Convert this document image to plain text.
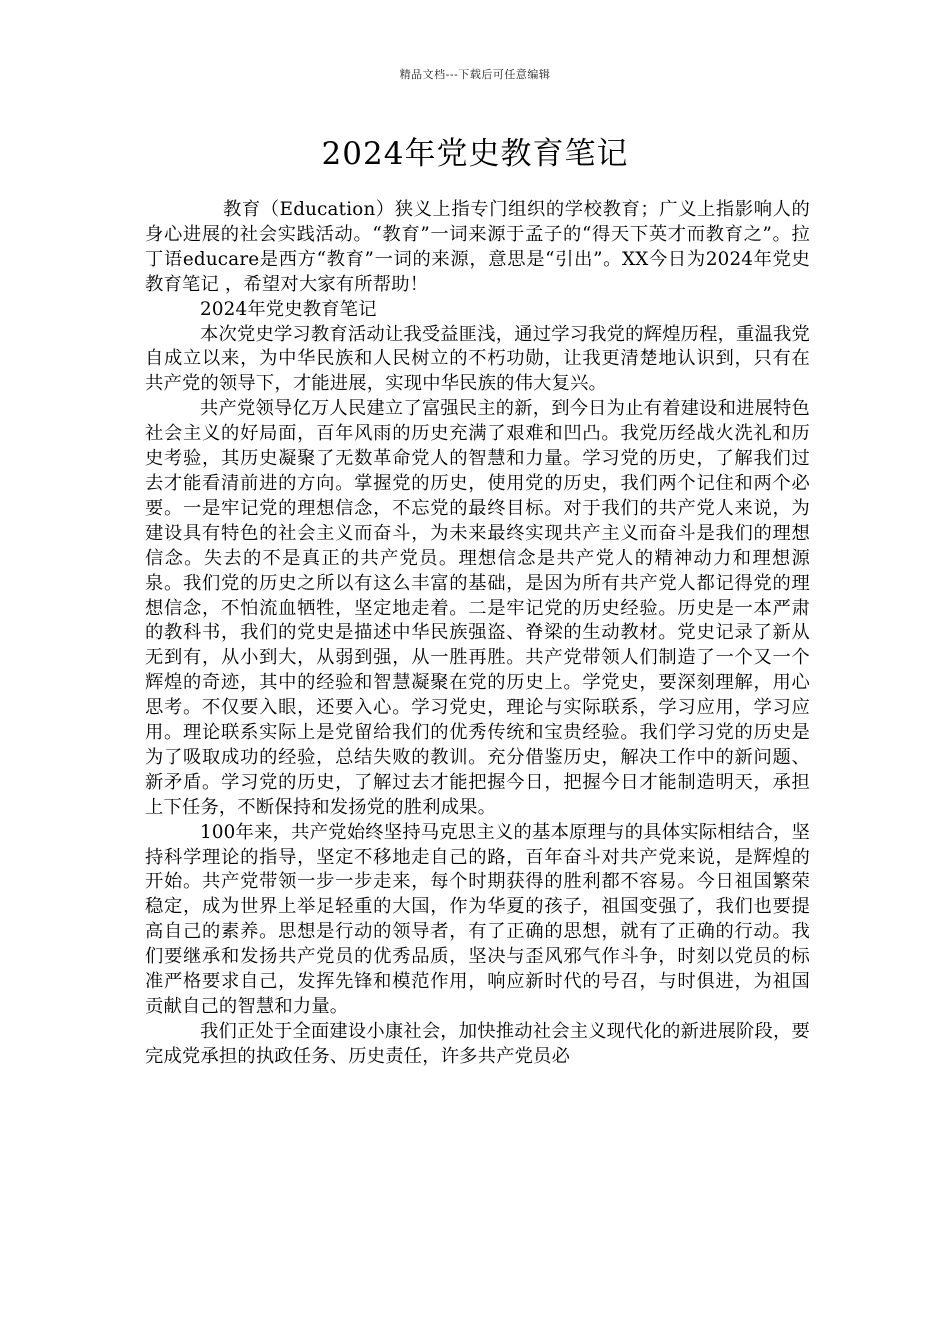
精品文档---下载后可任意编辑
2024年党史教育笔记

教育（Education）狭义上指专门组织的学校教育；广义上指影响人的身心进展的社会实践活动。“教育”一词来源于孟子的“得天下英才而教育之”。拉丁语educare是西方“教育”一词的来源，意思是“引出”。XX今日为2024年党史教育笔记 ，希望对大家有所帮助！

2024年党史教育笔记

本次党史学习教育活动让我受益匪浅，通过学习我党的辉煌历程，重温我党自成立以来，为中华民族和人民树立的不朽功勋，让我更清楚地认识到，只有在共产党的领导下，才能进展，实现中华民族的伟大复兴。

共产党领导亿万人民建立了富强民主的新，到今日为止有着建设和进展特色社会主义的好局面，百年风雨的历史充满了艰难和凹凸。我党历经战火洗礼和历史考验，其历史凝聚了无数革命党人的智慧和力量。学习党的历史，了解我们过去才能看清前进的方向。掌握党的历史，使用党的历史，我们两个记住和两个必要。一是牢记党的理想信念，不忘党的最终目标。对于我们的共产党人来说，为建设具有特色的社会主义而奋斗，为未来最终实现共产主义而奋斗是我们的理想信念。失去的不是真正的共产党员。理想信念是共产党人的精神动力和理想源泉。我们党的历史之所以有这么丰富的基础，是因为所有共产党人都记得党的理想信念，不怕流血牺牲，坚定地走着。二是牢记党的历史经验。历史是一本严肃的教科书，我们的党史是描述中华民族强盗、脊梁的生动教材。党史记录了新从无到有，从小到大，从弱到强，从一胜再胜。共产党带领人们制造了一个又一个辉煌的奇迹，其中的经验和智慧凝聚在党的历史上。学党史，要深刻理解，用心思考。不仅要入眼，还要入心。学习党史，理论与实际联系，学习应用，学习应用。理论联系实际上是党留给我们的优秀传统和宝贵经验。我们学习党的历史是为了吸取成功的经验，总结失败的教训。充分借鉴历史，解决工作中的新问题、新矛盾。学习党的历史，了解过去才能把握今日，把握今日才能制造明天，承担上下任务，不断保持和发扬党的胜利成果。

100年来，共产党始终坚持马克思主义的基本原理与的具体实际相结合，坚持科学理论的指导，坚定不移地走自己的路，百年奋斗对共产党来说，是辉煌的开始。共产党带领一步一步走来，每个时期获得的胜利都不容易。今日祖国繁荣稳定，成为世界上举足轻重的大国，作为华夏的孩子，祖国变强了，我们也要提高自己的素养。思想是行动的领导者，有了正确的思想，就有了正确的行动。我们要继承和发扬共产党员的优秀品质，坚决与歪风邪气作斗争，时刻以党员的标准严格要求自己，发挥先锋和模范作用，响应新时代的号召，与时俱进，为祖国贡献自己的智慧和力量。

我们正处于全面建设小康社会，加快推动社会主义现代化的新进展阶段，要完成党承担的执政任务、历史责任，许多共产党员必
